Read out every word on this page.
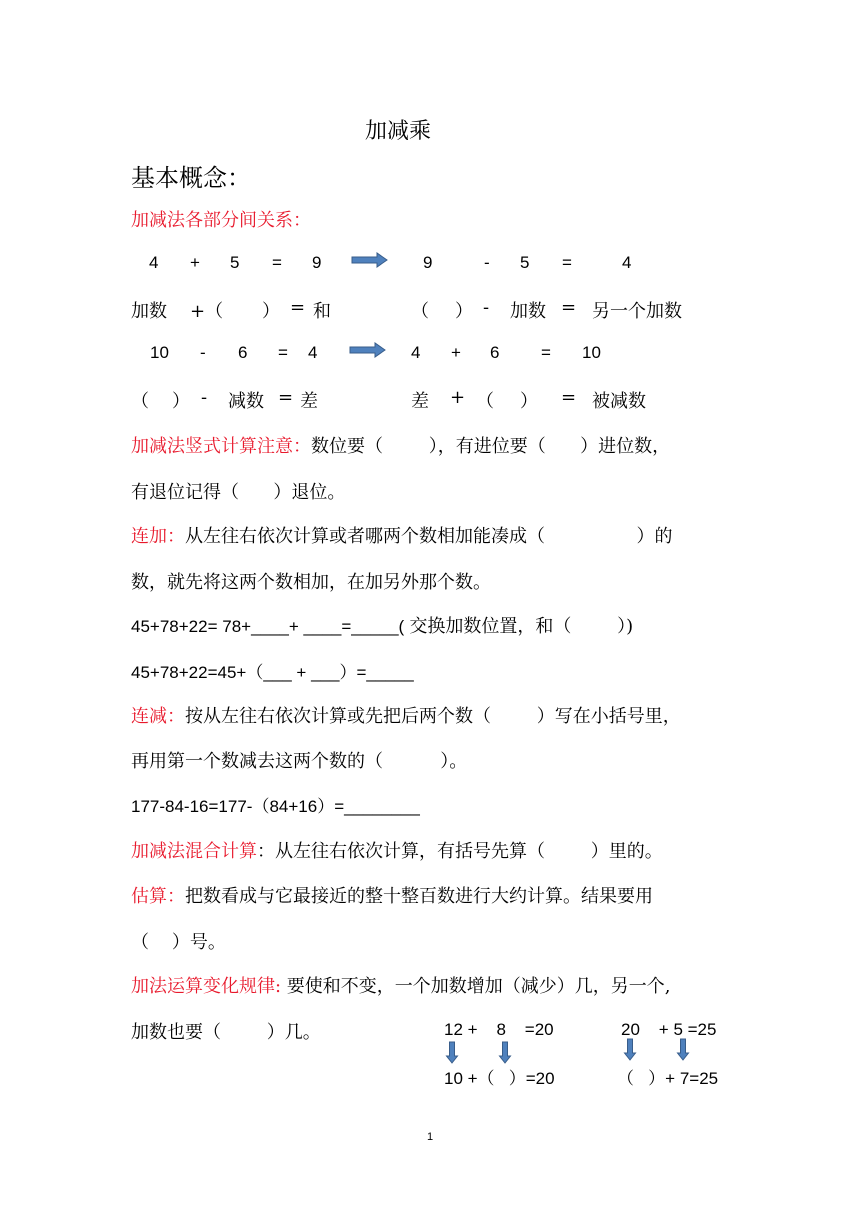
加减乘
基本概念：
加减法各部分间关系：
4 + 5 = 9	9	- 5 =	4
加数 +（ ） = 和	（ ） - 加数 = 另一个加数
10 - 6 = 4	4 + 6 = 10
（ ） - 减数 = 差	差 + （ ） = 被减数
加减法竖式计算注意：数位要（        ），有进位要（      ）进位数，
有退位记得（      ）退位。
连加：从左往右依次计算或者哪两个数相加能凑成（                ）的
数，就先将这两个数相加，在加另外那个数。
45+78+22= 78+____+ ____=_____( 交换加数位置，和（        ）)
45+78+22=45+（___ + ___）=_____
连减：按从左往右依次计算或先把后两个数（        ）写在小括号里，
再用第一个数减去这两个数的（          ）。
177-84-16=177-（84+16）=________
加减法混合计算：从左往右依次计算，有括号先算（        ）里的。
估算：把数看成与它最接近的整十整百数进行大约计算。结果要用
（    ）号。
加法运算变化规律: 要使和不变，一个加数增加（减少）几，另一个,
加数也要（        ）几。	12 +    8    =20
10 +（   ）=20
20    + 5 =25
（   ）+ 7=25
1
